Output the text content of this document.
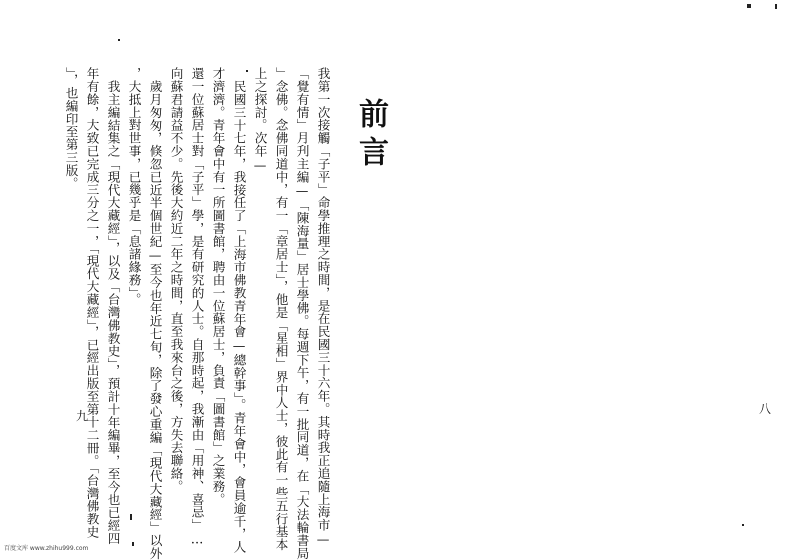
前言
我第一次接觸「子平」命學推理之時間，是在民國三十六年。其時我正追隨上海市—
「覺有情」月刋主編—「陳海量」居士學佛。每週下午，有一批同道，在「大法輪書局
」念佛。念佛同道中，有一「章居士」，他是「星相」界中人士，彼此有一些五行基本
上之探討。次年—
民國三十七年，我接任了「上海市佛教青年會—總幹事」。青年會中，會員逾千，人
才濟濟。青年會中有一所圖書館，聘由一位蘇居士，負責「圖書館」之業務。
還一位蘇居士對「子平」學，是有研究的人士。自那時起，我漸由「用神、喜忌」…
向蘇君請益不少。先後大約近二年之時間，直至我來台之後，方失去聯絡。
歲月匆匆，倏忽已近半個世紀—至今也年近七旬，除了發心重編「現代大藏經」以外
，大抵上對世事，已幾乎是「息諸緣務」。
我主編結集之「現代大藏經」，以及「台灣佛教史」，預計十年編畢，至今也已經四
年有餘，大致已完成三分之一，「現代大藏經」，已經出版至第十二冊。「台灣佛教史
」，也編印至第三版。
八
九
百度文库 www.zhihu999.com
